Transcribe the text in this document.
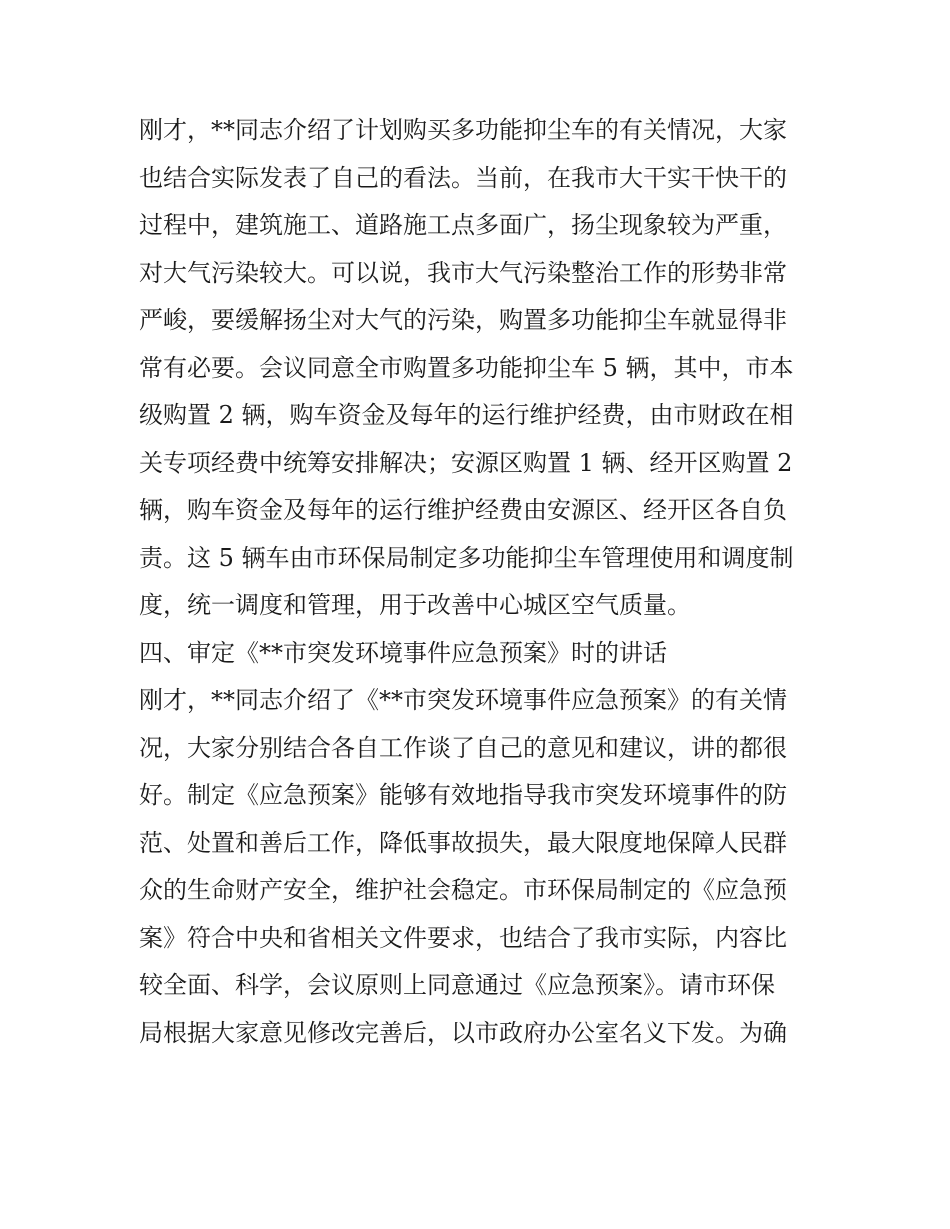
刚才，**同志介绍了计划购买多功能抑尘车的有关情况，大家
也结合实际发表了自己的看法。当前，在我市大干实干快干的
过程中，建筑施工、道路施工点多面广，扬尘现象较为严重，
对大气污染较大。可以说，我市大气污染整治工作的形势非常
严峻，要缓解扬尘对大气的污染，购置多功能抑尘车就显得非
常有必要。会议同意全市购置多功能抑尘车 5 辆，其中，市本
级购置 2 辆，购车资金及每年的运行维护经费，由市财政在相
关专项经费中统筹安排解决；安源区购置 1 辆、经开区购置 2
辆，购车资金及每年的运行维护经费由安源区、经开区各自负
责。这 5 辆车由市环保局制定多功能抑尘车管理使用和调度制
度，统一调度和管理，用于改善中心城区空气质量。
四、审定《**市突发环境事件应急预案》时的讲话
刚才，**同志介绍了《**市突发环境事件应急预案》的有关情
况，大家分别结合各自工作谈了自己的意见和建议，讲的都很
好。制定《应急预案》能够有效地指导我市突发环境事件的防
范、处置和善后工作，降低事故损失，最大限度地保障人民群
众的生命财产安全，维护社会稳定。市环保局制定的《应急预
案》符合中央和省相关文件要求，也结合了我市实际，内容比
较全面、科学，会议原则上同意通过《应急预案》。请市环保
局根据大家意见修改完善后，以市政府办公室名义下发。为确
